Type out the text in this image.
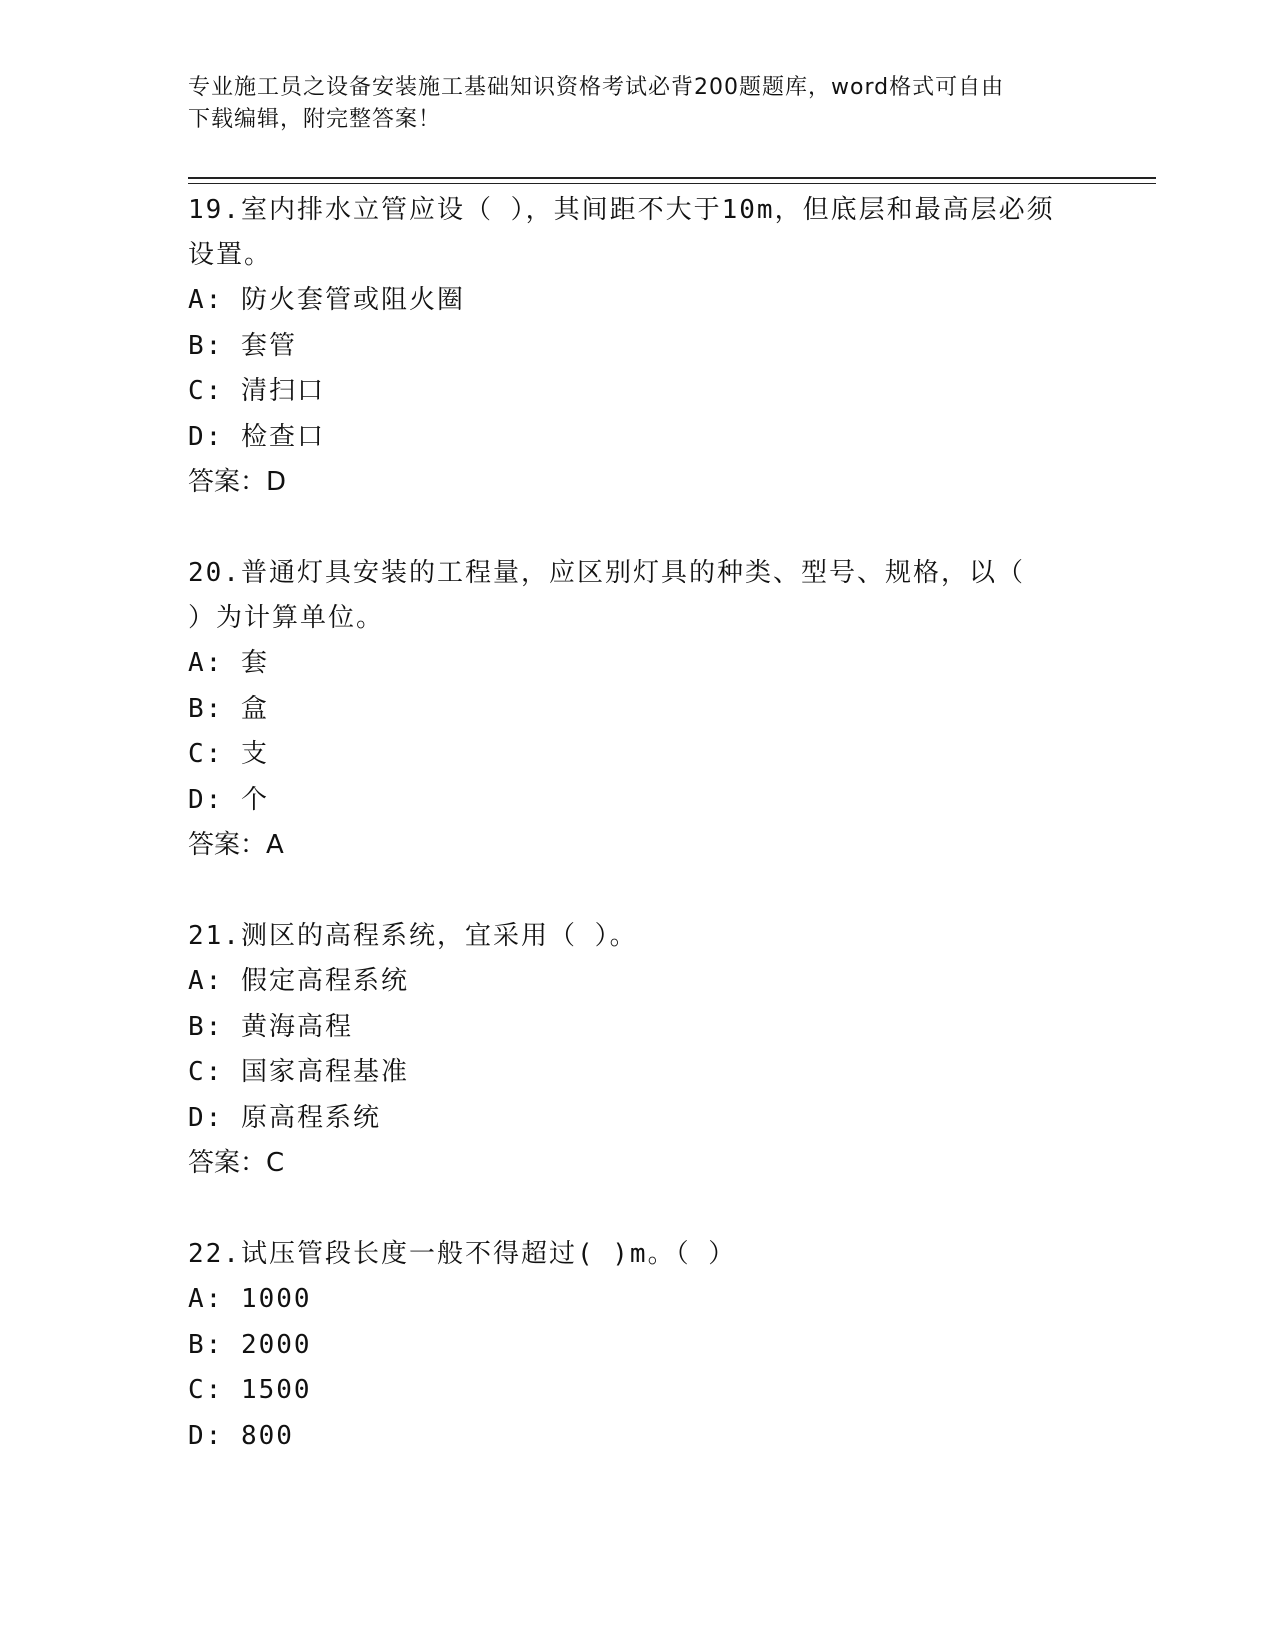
专业施工员之设备安装施工基础知识资格考试必背200题题库，word格式可自由
下载编辑，附完整答案！

19.室内排水立管应设（ ），其间距不大于10m，但底层和最高层必须

设置。

A: 防火套管或阻火圈

B: 套管

C: 清扫口

D: 检查口

答案：D

20.普通灯具安装的工程量，应区别灯具的种类、型号、规格，以（

）为计算单位。

A: 套

B: 盒

C: 支

D: 个

答案：A

21.测区的高程系统，宜采用（ ）。

A: 假定高程系统

B: 黄海高程

C: 国家高程基准

D: 原高程系统

答案：C

22.试压管段长度一般不得超过( )m。（ ）

A: 1000

B: 2000

C: 1500

D: 800
